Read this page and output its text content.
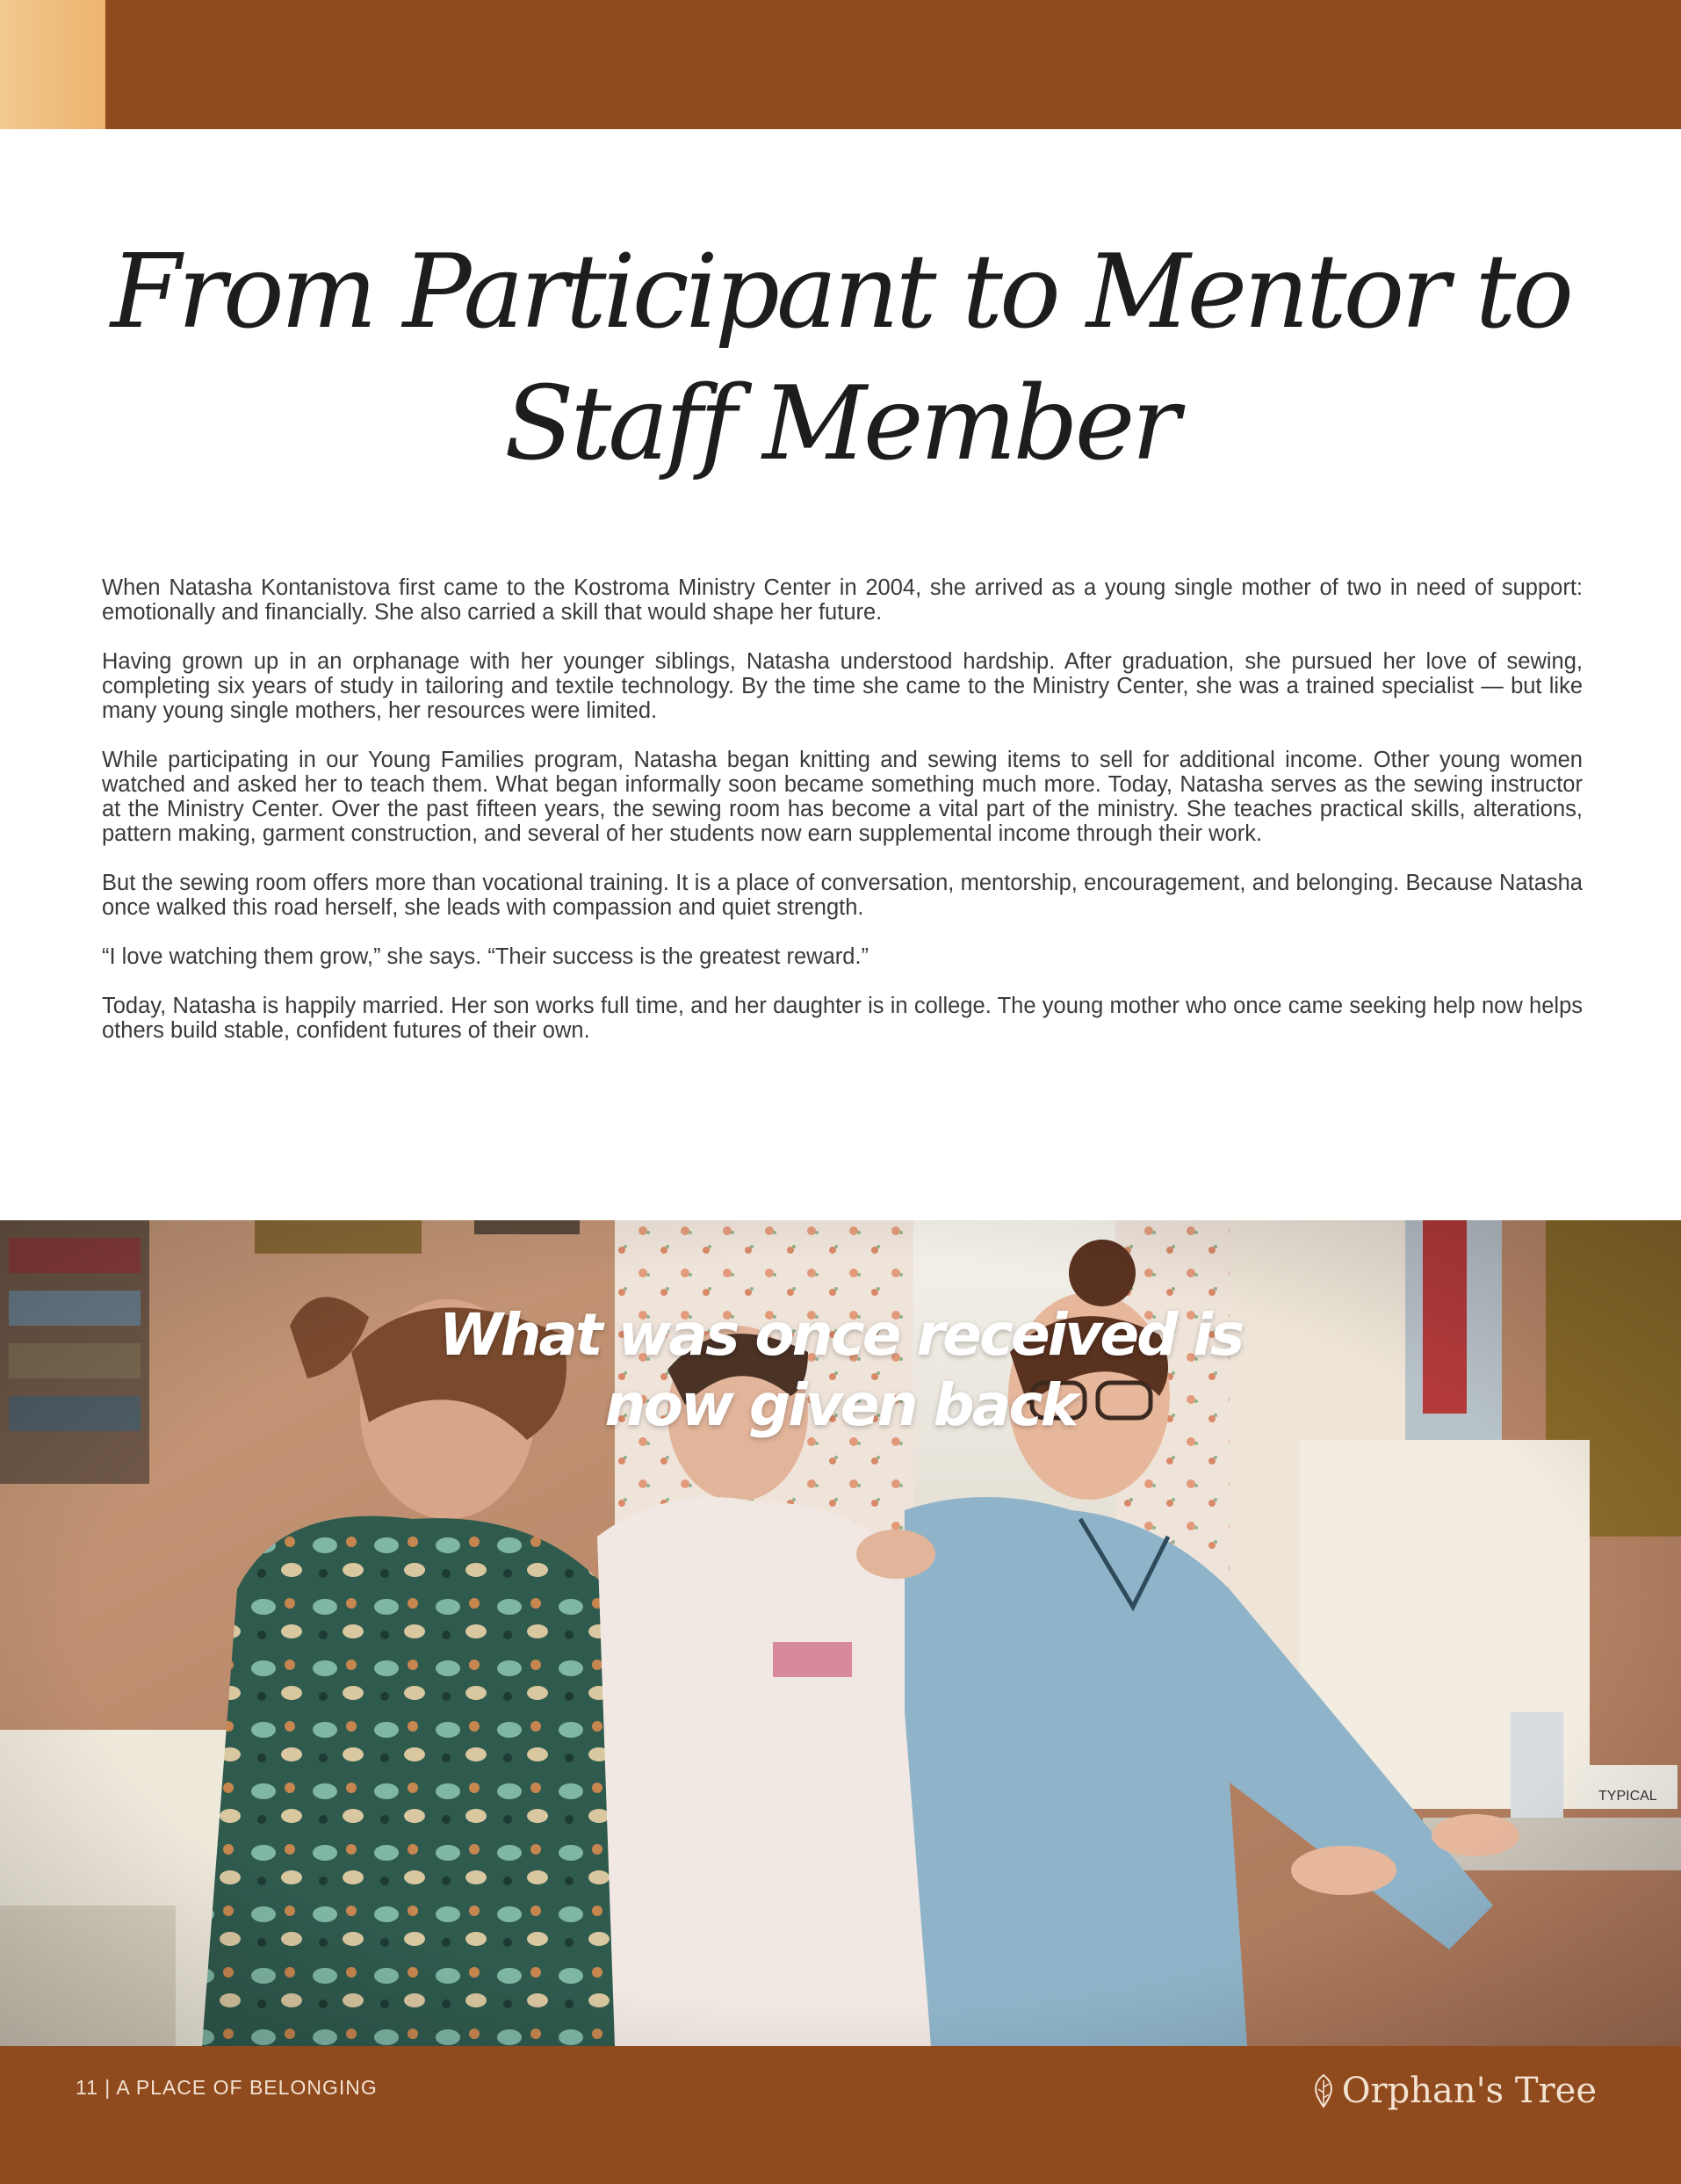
From Participant to Mentor to
Staff Member

When Natasha Kontanistova first came to the Kostroma Ministry Center in 2004, she arrived as a young single mother of two in need of support: emotionally and financially. She also carried a skill that would shape her future.

Having grown up in an orphanage with her younger siblings, Natasha understood hardship. After graduation, she pursued her love of sewing, completing six years of study in tailoring and textile technology. By the time she came to the Ministry Center, she was a trained specialist — but like many young single mothers, her resources were limited.

While participating in our Young Families program, Natasha began knitting and sewing items to sell for additional income. Other young women watched and asked her to teach them. What began informally soon became something much more. Today, Natasha serves as the sewing instructor at the Ministry Center. Over the past fifteen years, the sewing room has become a vital part of the ministry. She teaches practical skills, alterations, pattern making, garment construction, and several of her students now earn supplemental income through their work.

But the sewing room offers more than vocational training. It is a place of conversation, mentorship, encouragement, and belonging. Because Natasha once walked this road herself, she leads with compassion and quiet strength.

“I love watching them grow,” she says. “Their success is the greatest reward.”

Today, Natasha is happily married. Her son works full time, and her daughter is in college. The young mother who once came seeking help now helps others build stable, confident futures of their own.

What was once received is
now given back
11 | A PLACE OF BELONGING	Orphan's Tree
